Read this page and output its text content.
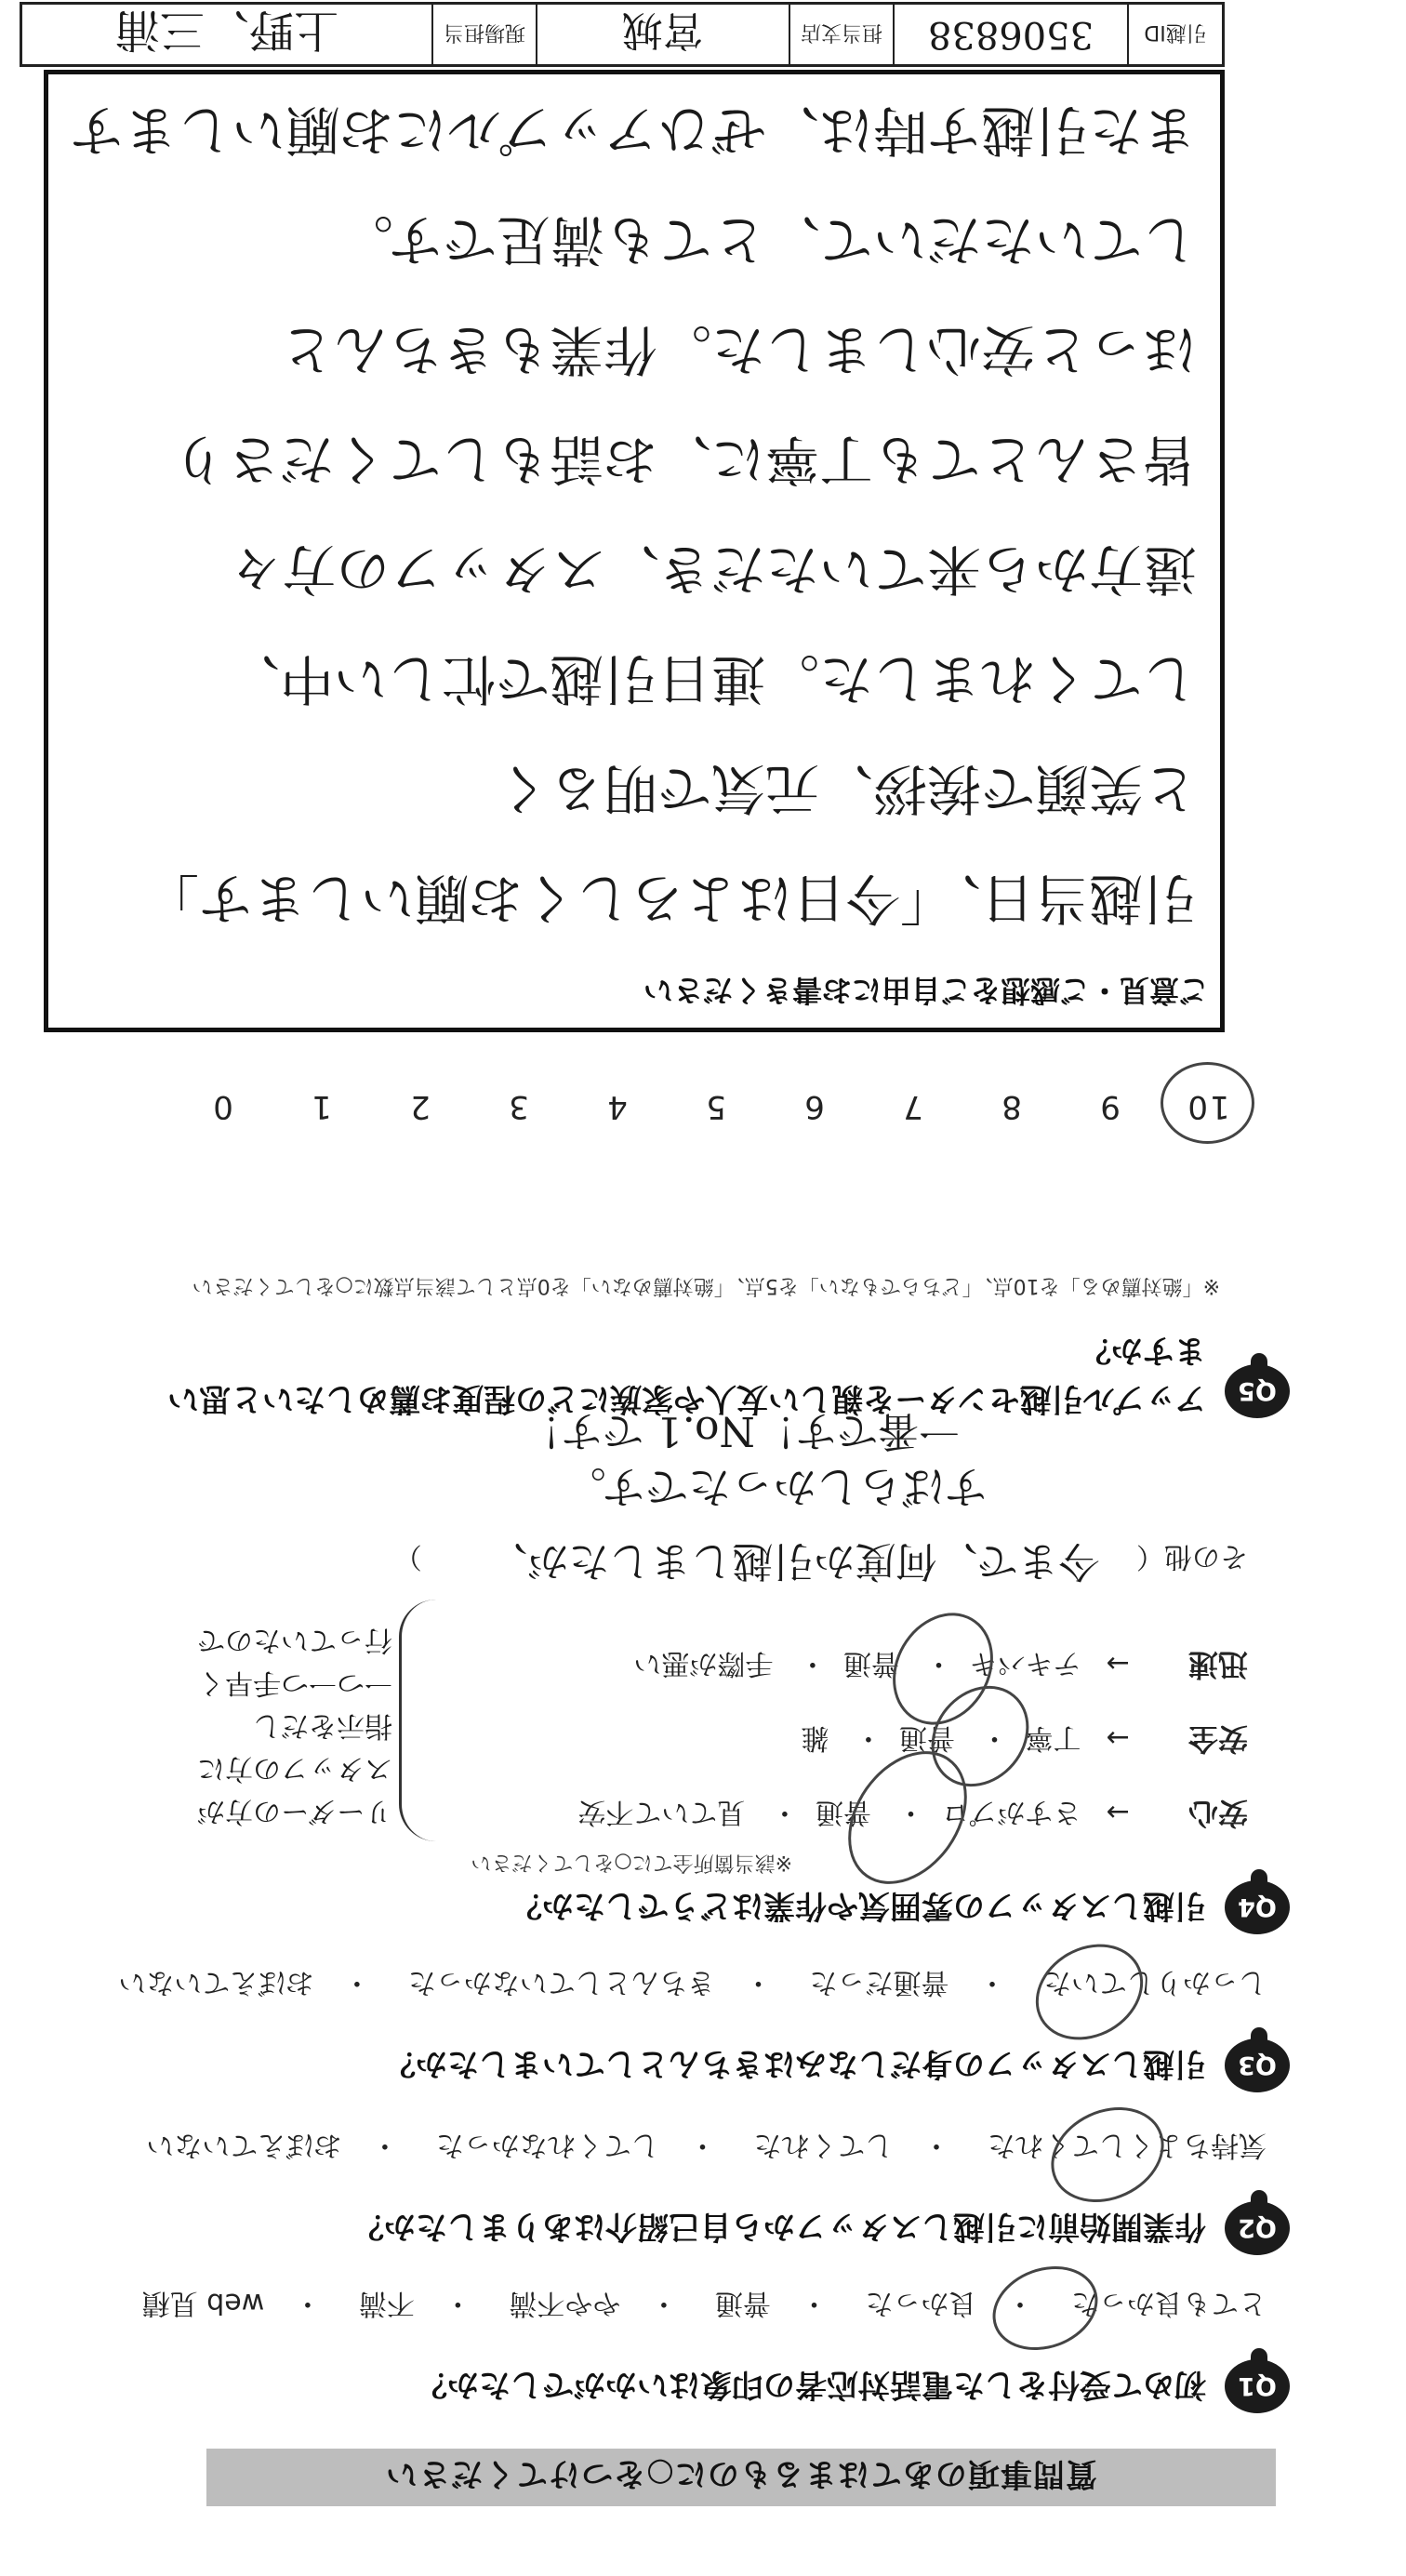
質問事項のあてはまるものに○をつけてください
Q1
初めて受付をした電話対応者の印象はいかがでしたか？
とても良かった・ 良かった・ 普通・ やや不満・ 不満・ web 見積
Q2
作業開始前に引越しスタッフから自己紹介はありましたか？
気持ちよくしてくれた・ してくれた・ してくれなかった・ おぼえていない
Q3
引越しスタッフの身だしなみはきちんとしていましたか？
しっかりしていた・ 普通だった・ きちんとしていなかった・ おぼえていない
Q4
引越しスタッフの雰囲気や作業はどうでしたか？
※該当箇所全てに○をしてください
安心→ さすがプロ・ 普通・ 見ていて不安
安全→ 丁寧・ 普通・ 雑
迅速→ テキパキ・ 普通・ 手際が悪い
リーダーの方が
スタッフの方に
指示をだし
一つ一つ手早く
行っていたので
その他（ 今まで、何度か引越しましたが、 ）
すばらしかったです。
Q5
一番です！No.1 です！
アップル引越センターを親しい友人や家族にどの程度お薦めしたいと思いますか？
※「絶対薦める」を10点、「どちらでもない」を5点、「絶対薦めない」を0点として該当点数に○をしてください
109876543210
ご意見・ご感想をご自由にお書きください
引越当日、「今日はよろしくお願いします」
と笑顔で挨拶、元気で明るく
してくれました。連日引越で忙しい中、
遠方から来ていただき、スタッフの方々
皆さんとても丁寧に、お話もしてくださり
ほっと安心しました。作業もきちんと
していただいて、とても満足です。
また引越す時は、ぜひアップルにお願いします
引越ID
3506838
担当支店
宮城
現場担当
上野、三浦
